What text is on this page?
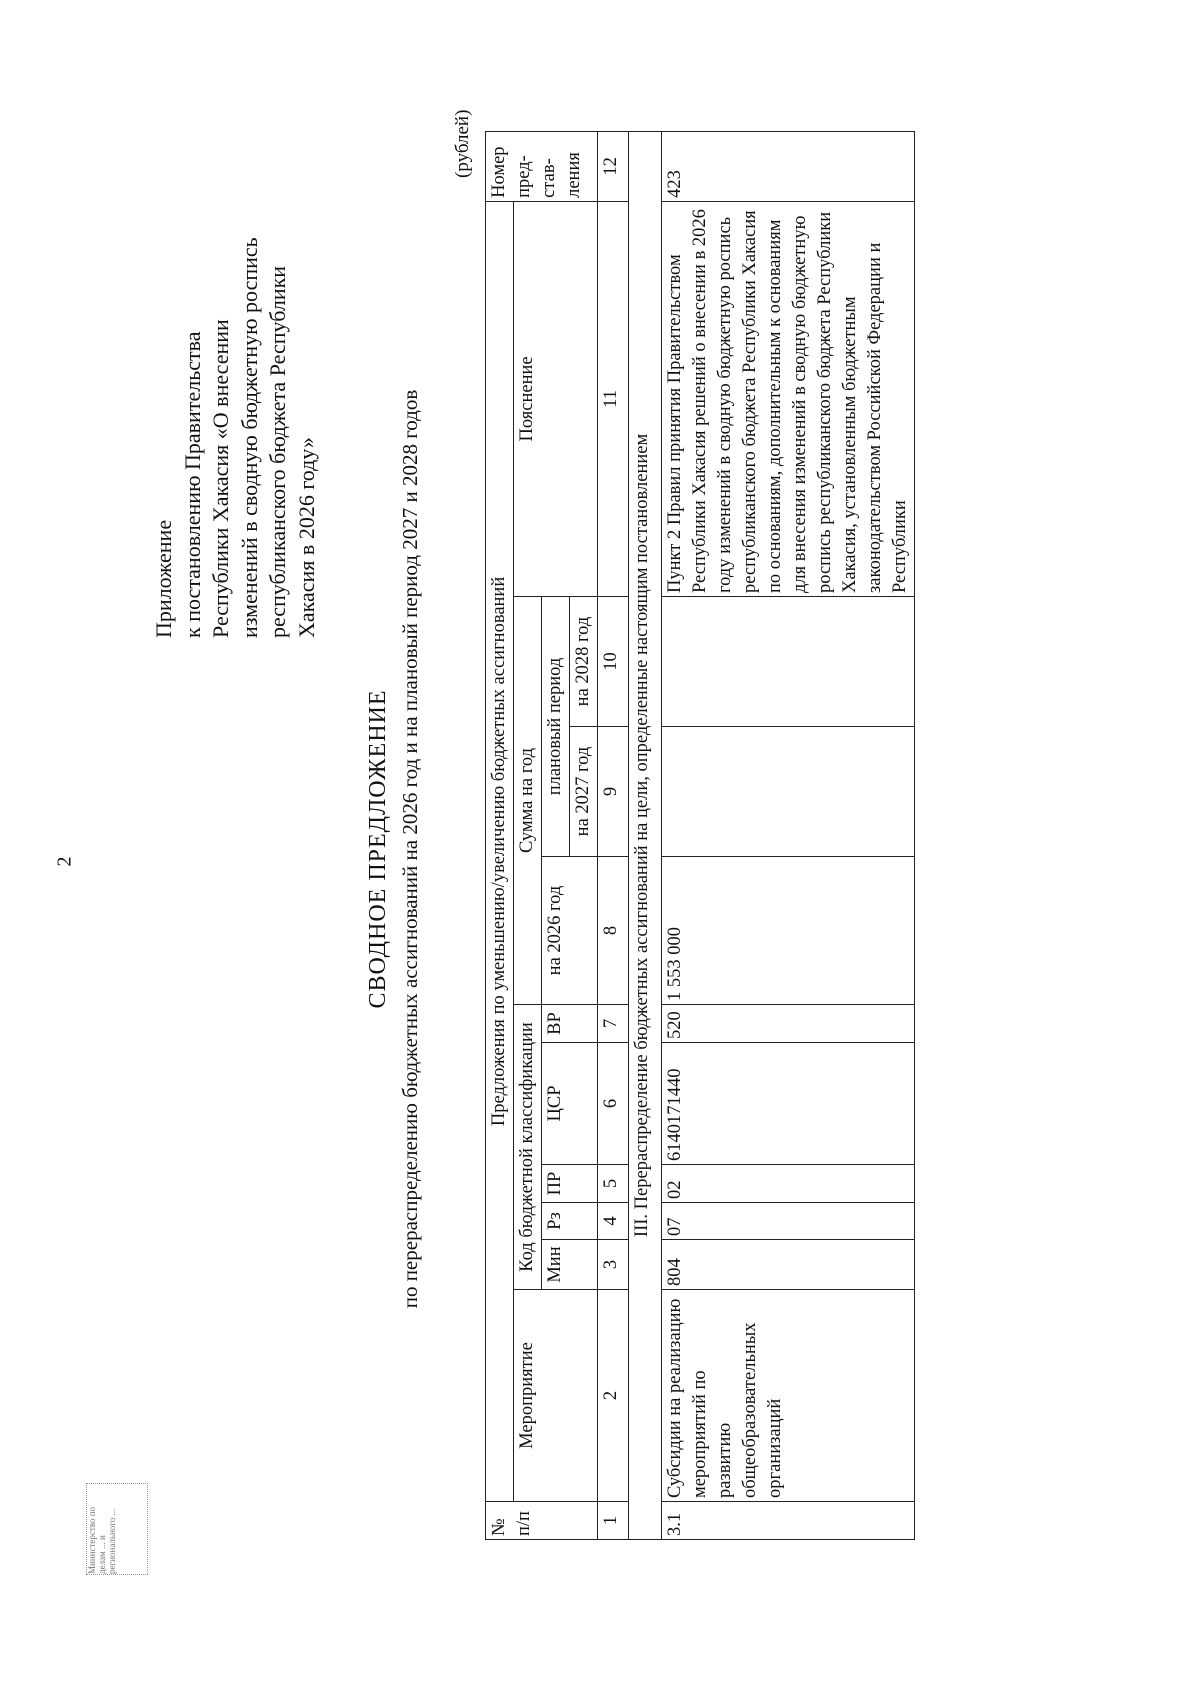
2
Приложение к постановлению Правительства Республики Хакасия «О внесении изменений в сводную бюджетную роспись республиканского бюджета Республики Хакасия в 2026 году»
СВОДНОЕ ПРЕДЛОЖЕНИЕ по перераспределению бюджетных ассигнований на 2026 год и на плановый период 2027 и 2028 годов
(рублей)
№ п/п	Предложения по уменьшению/увеличению бюджетных ассигнований										Номер пред- став- ления
	Мероприятие	Код бюджетной классификации					Сумма на год			Пояснение	
		Мин	Рз	ПР	ЦСР	ВР	на 2026 год	плановый период			
								на 2027 год	на 2028 год		
1	2	3	4	5	6	7	8	9	10	11	12
III. Перераспределение бюджетных ассигнований на цели, определенные настоящим постановлением											
3.1	Субсидии на реализацию мероприятий по развитию общеобразовательных организаций	804	07	02	6140171440	520	1 553 000			Пункт 2 Правил принятия Правительством Республики Хакасия решений о внесении в 2026 году изменений в сводную бюджетную роспись республиканского бюджета Республики Хакасия по основаниям, дополнительным к основаниям для внесения изменений в сводную бюджетную роспись республиканского бюджета Республики Хакасия, установленным бюджетным законодательством Российской Федерации и Республики	423
Министерство по делам ... и регионального ...
